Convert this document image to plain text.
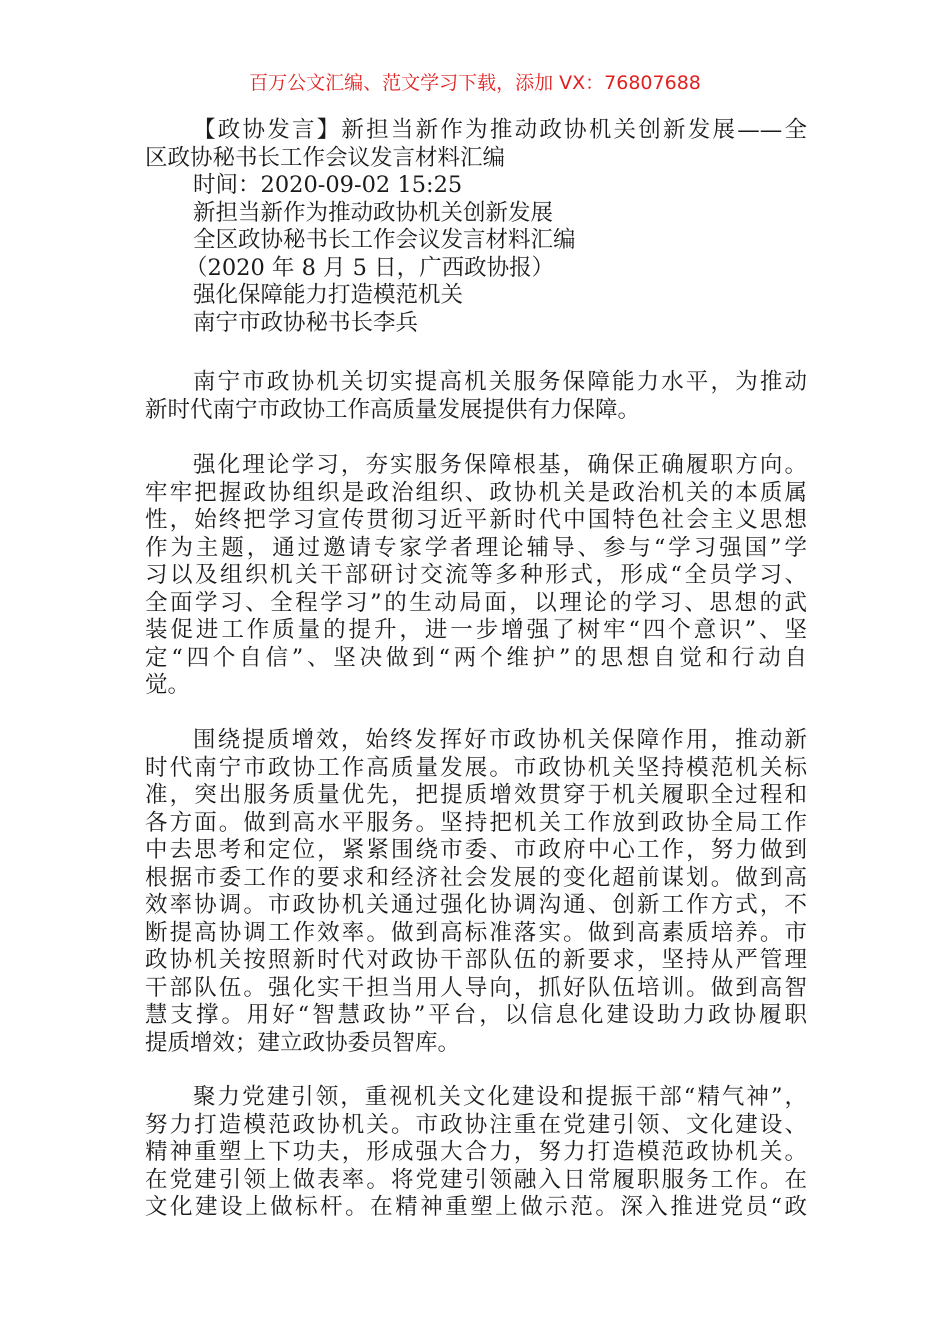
百万公文汇编、范文学习下载，添加 VX：76807688
【政协发言】新担当新作为推动政协机关创新发展——全
区政协秘书长工作会议发言材料汇编
时间：2020-09-02 15:25
新担当新作为推动政协机关创新发展
全区政协秘书长工作会议发言材料汇编
（2020 年 8 月 5 日，广西政协报）
强化保障能力打造模范机关
南宁市政协秘书长李兵
南宁市政协机关切实提高机关服务保障能力水平，为推动
新时代南宁市政协工作高质量发展提供有力保障。
强化理论学习，夯实服务保障根基，确保正确履职方向。
牢牢把握政协组织是政治组织、政协机关是政治机关的本质属
性，始终把学习宣传贯彻习近平新时代中国特色社会主义思想
作为主题，通过邀请专家学者理论辅导、参与“学习强国”学
习以及组织机关干部研讨交流等多种形式，形成“全员学习、
全面学习、全程学习”的生动局面，以理论的学习、思想的武
装促进工作质量的提升，进一步增强了树牢“四个意识”、坚
定“四个自信”、坚决做到“两个维护”的思想自觉和行动自
觉。
围绕提质增效，始终发挥好市政协机关保障作用，推动新
时代南宁市政协工作高质量发展。市政协机关坚持模范机关标
准，突出服务质量优先，把提质增效贯穿于机关履职全过程和
各方面。做到高水平服务。坚持把机关工作放到政协全局工作
中去思考和定位，紧紧围绕市委、市政府中心工作，努力做到
根据市委工作的要求和经济社会发展的变化超前谋划。做到高
效率协调。市政协机关通过强化协调沟通、创新工作方式，不
断提高协调工作效率。做到高标准落实。做到高素质培养。市
政协机关按照新时代对政协干部队伍的新要求，坚持从严管理
干部队伍。强化实干担当用人导向，抓好队伍培训。做到高智
慧支撑。用好“智慧政协”平台，以信息化建设助力政协履职
提质增效；建立政协委员智库。
聚力党建引领，重视机关文化建设和提振干部“精气神”，
努力打造模范政协机关。市政协注重在党建引领、文化建设、
精神重塑上下功夫，形成强大合力，努力打造模范政协机关。
在党建引领上做表率。将党建引领融入日常履职服务工作。在
文化建设上做标杆。在精神重塑上做示范。深入推进党员“政
